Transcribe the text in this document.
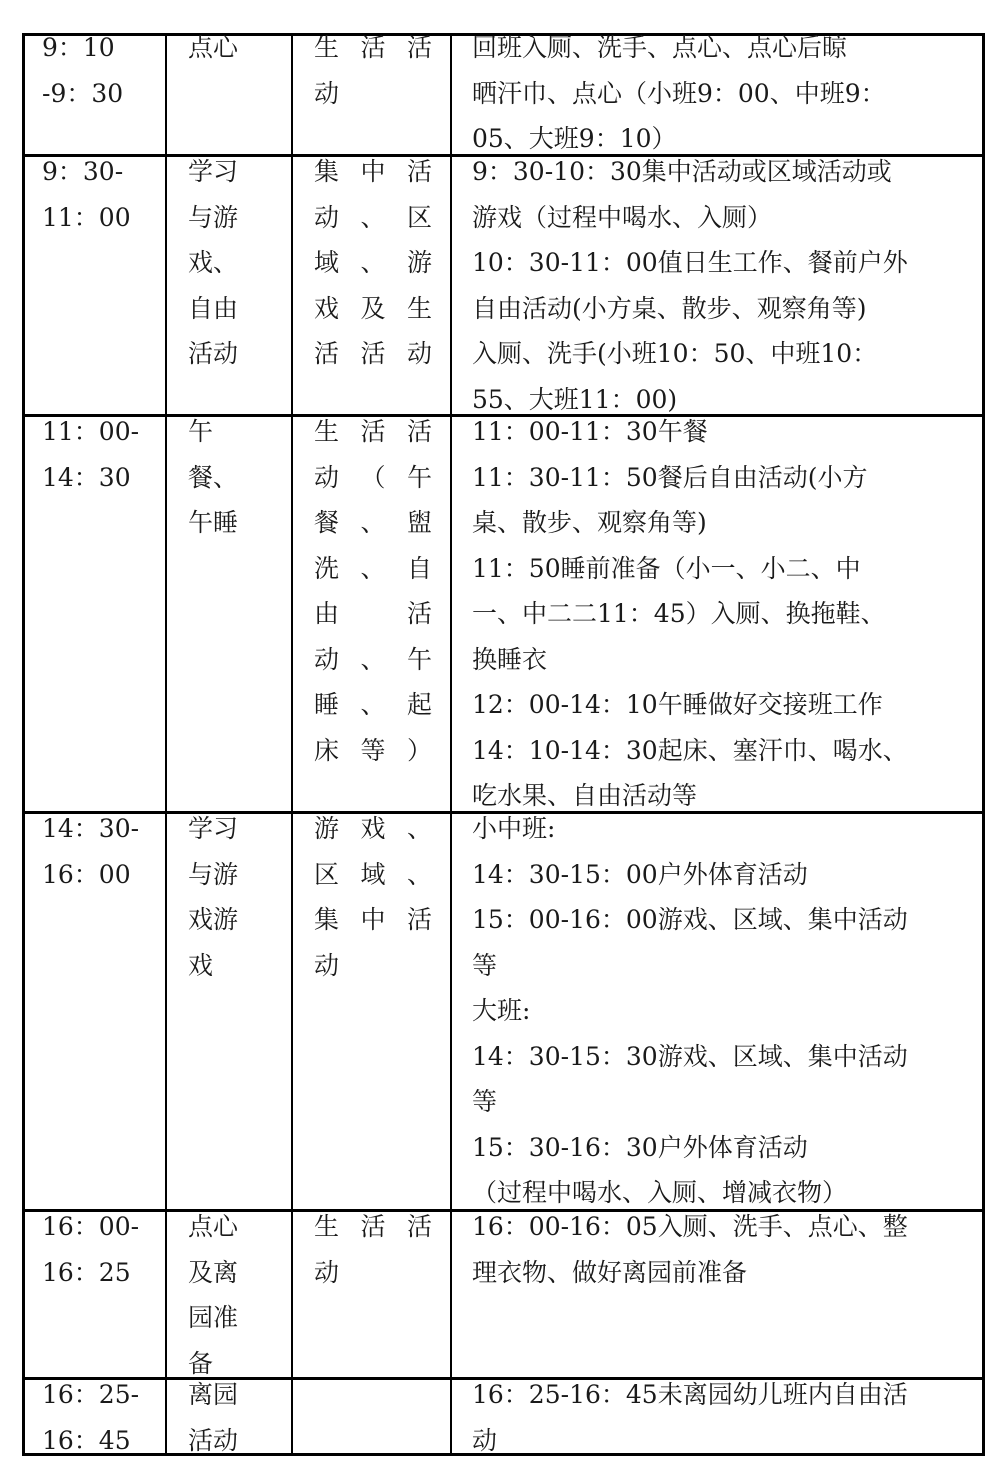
9：10
-9：30
点心	生 活 活
动
回班入厕、洗手、点心、点心后晾
晒汗巾、点心（小班9：00、中班9：
05、大班9：10）
9：30-
11：00
学习
与游
戏、
自由
活动
集 中 活
动 、 区
域 、 游
戏 及 生
活活动
9：30-10：30集中活动或区域活动或
游戏（过程中喝水、入厕）
10：30-11：00值日生工作、餐前户外
自由活动(小方桌、散步、观察角等)
入厕、洗手(小班10：50、中班10：
55、大班11：00)
11：00-
14：30
午
餐、
午睡
生 活 活
动 （ 午
餐 、 盥
洗 、 自
由 活
动 、 午
睡 、 起
床等）
11：00-11：30午餐
11：30-11：50餐后自由活动(小方
桌、散步、观察角等)
11：50睡前准备（小一、小二、中
一、中二二11：45）入厕、换拖鞋、
换睡衣
12：00-14：10午睡做好交接班工作
14：10-14：30起床、塞汗巾、喝水、
吃水果、自由活动等
14：30-
16：00
学习
与游
戏游
戏
游 戏 、
区 域 、
集 中 活
动
小中班:
14：30-15：00户外体育活动
15：00-16：00游戏、区域、集中活动
等
大班:
14：30-15：30游戏、区域、集中活动
等
15：30-16：30户外体育活动
（过程中喝水、入厕、增减衣物）
16：00-
16：25
点心
及离
园准
备
生 活 活
动
16：00-16：05入厕、洗手、点心、整
理衣物、做好离园前准备
16：25-
16：45
离园
活动
16：25-16：45未离园幼儿班内自由活
动
